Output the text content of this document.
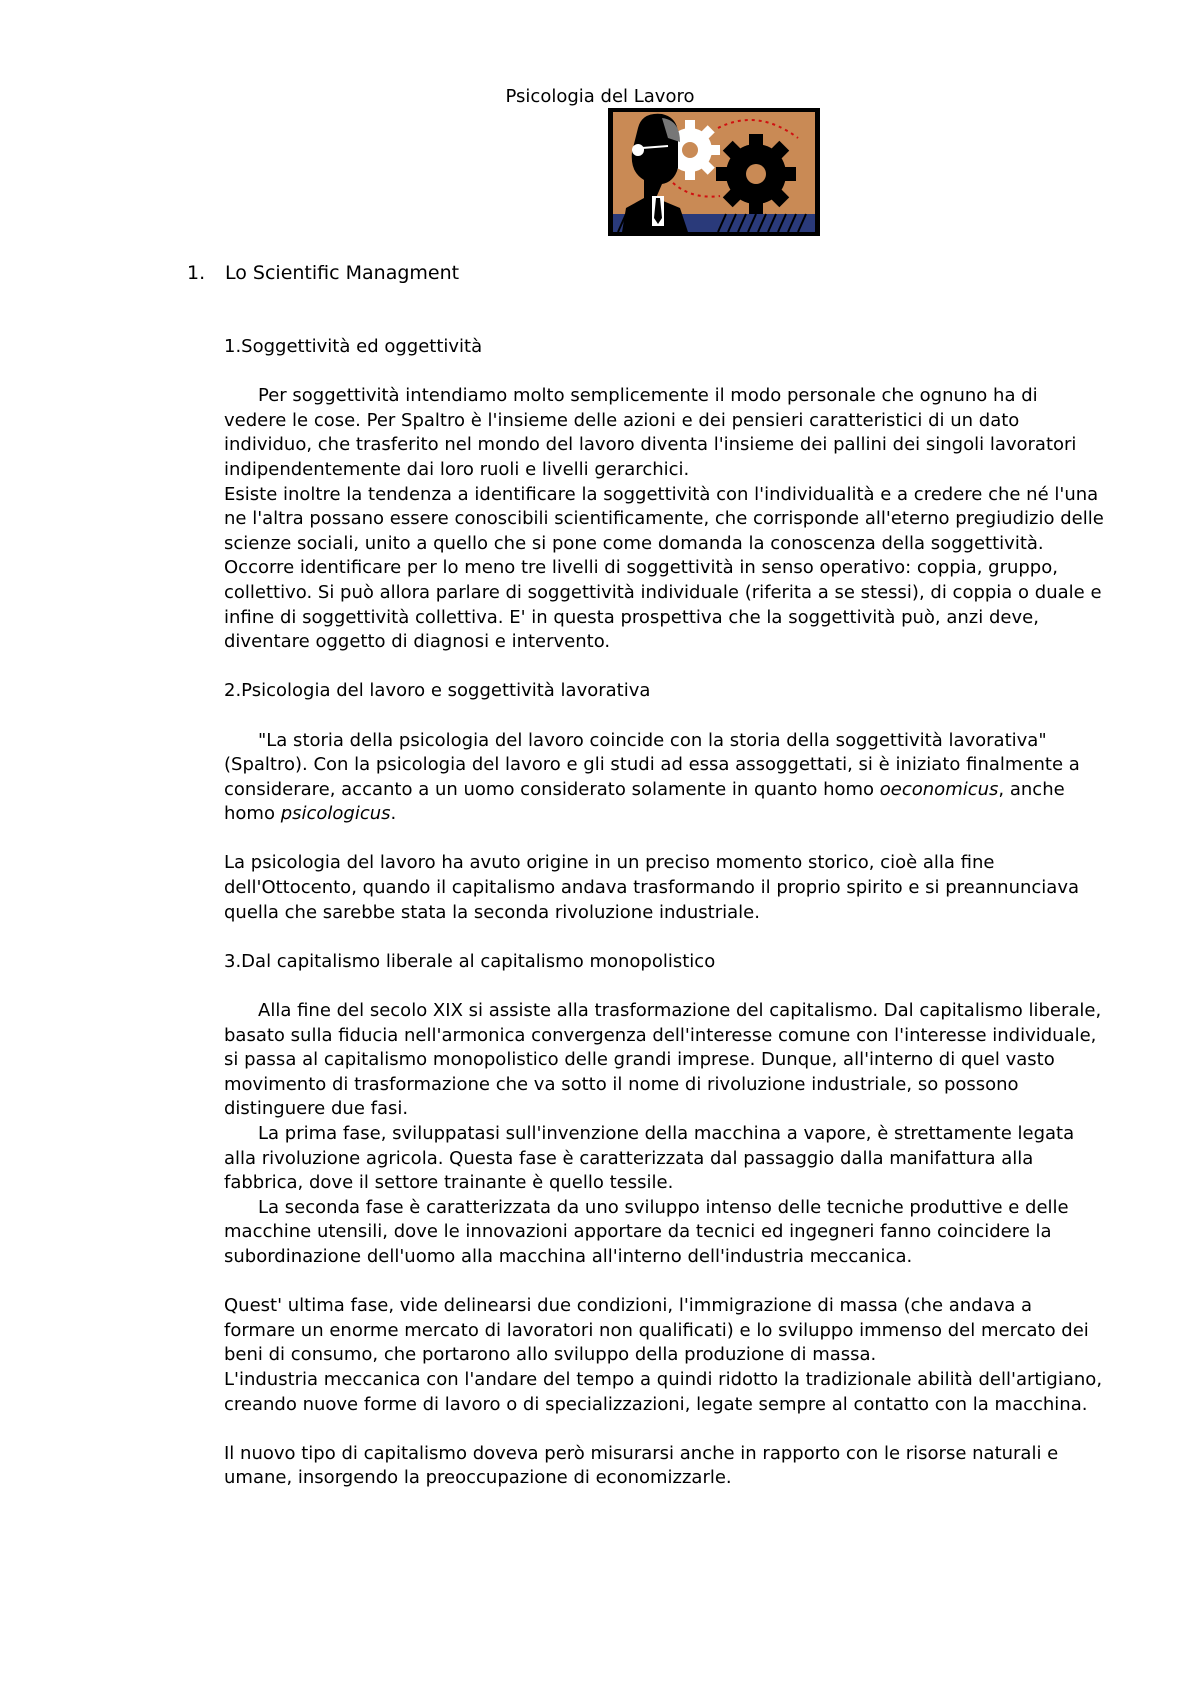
Psicologia del Lavoro
1. Lo Scientific Managment

1.Soggettività ed oggettività

Per soggettività intendiamo molto semplicemente il modo personale che ognuno ha di vedere le cose. Per Spaltro è l'insieme delle azioni e dei pensieri caratteristici di un dato individuo, che trasferito nel mondo del lavoro diventa l'insieme dei pallini dei singoli lavoratori indipendentemente dai loro ruoli e livelli gerarchici.

Esiste inoltre la tendenza a identificare la soggettività con l'individualità e a credere che né l'una ne l'altra possano essere conoscibili scientificamente, che corrisponde all'eterno pregiudizio delle scienze sociali, unito a quello che si pone come domanda la conoscenza della soggettività.

Occorre identificare per lo meno tre livelli di soggettività in senso operativo: coppia, gruppo, collettivo. Si può allora parlare di soggettività individuale (riferita a se stessi), di coppia o duale e infine di soggettività collettiva. E' in questa prospettiva che la soggettività può, anzi deve, diventare oggetto di diagnosi e intervento.

2.Psicologia del lavoro e soggettività lavorativa

"La storia della psicologia del lavoro coincide con la storia della soggettività lavorativa" (Spaltro). Con la psicologia del lavoro e gli studi ad essa assoggettati, si è iniziato finalmente a considerare, accanto a un uomo considerato solamente in quanto homo oeconomicus, anche homo psicologicus.

La psicologia del lavoro ha avuto origine in un preciso momento storico, cioè alla fine dell'Ottocento, quando il capitalismo andava trasformando il proprio spirito e si preannunciava quella che sarebbe stata la seconda rivoluzione industriale.

3.Dal capitalismo liberale al capitalismo monopolistico

Alla fine del secolo XIX si assiste alla trasformazione del capitalismo. Dal capitalismo liberale, basato sulla fiducia nell'armonica convergenza dell'interesse comune con l'interesse individuale, si passa al capitalismo monopolistico delle grandi imprese. Dunque, all'interno di quel vasto movimento di trasformazione che va sotto il nome di rivoluzione industriale, so possono distinguere due fasi.

La prima fase, sviluppatasi sull'invenzione della macchina a vapore, è strettamente legata alla rivoluzione agricola. Questa fase è caratterizzata dal passaggio dalla manifattura alla fabbrica, dove il settore trainante è quello tessile.

La seconda fase è caratterizzata da uno sviluppo intenso delle tecniche produttive e delle macchine utensili, dove le innovazioni apportare da tecnici ed ingegneri fanno coincidere la subordinazione dell'uomo alla macchina all'interno dell'industria meccanica.

Quest' ultima fase, vide delinearsi due condizioni, l'immigrazione di massa (che andava a formare un enorme mercato di lavoratori non qualificati) e lo sviluppo immenso del mercato dei beni di consumo, che portarono allo sviluppo della produzione di massa.

L'industria meccanica con l'andare del tempo a quindi ridotto la tradizionale abilità dell'artigiano, creando nuove forme di lavoro o di specializzazioni, legate sempre al contatto con la macchina.

Il nuovo tipo di capitalismo doveva però misurarsi anche in rapporto con le risorse naturali e umane, insorgendo la preoccupazione di economizzarle.
